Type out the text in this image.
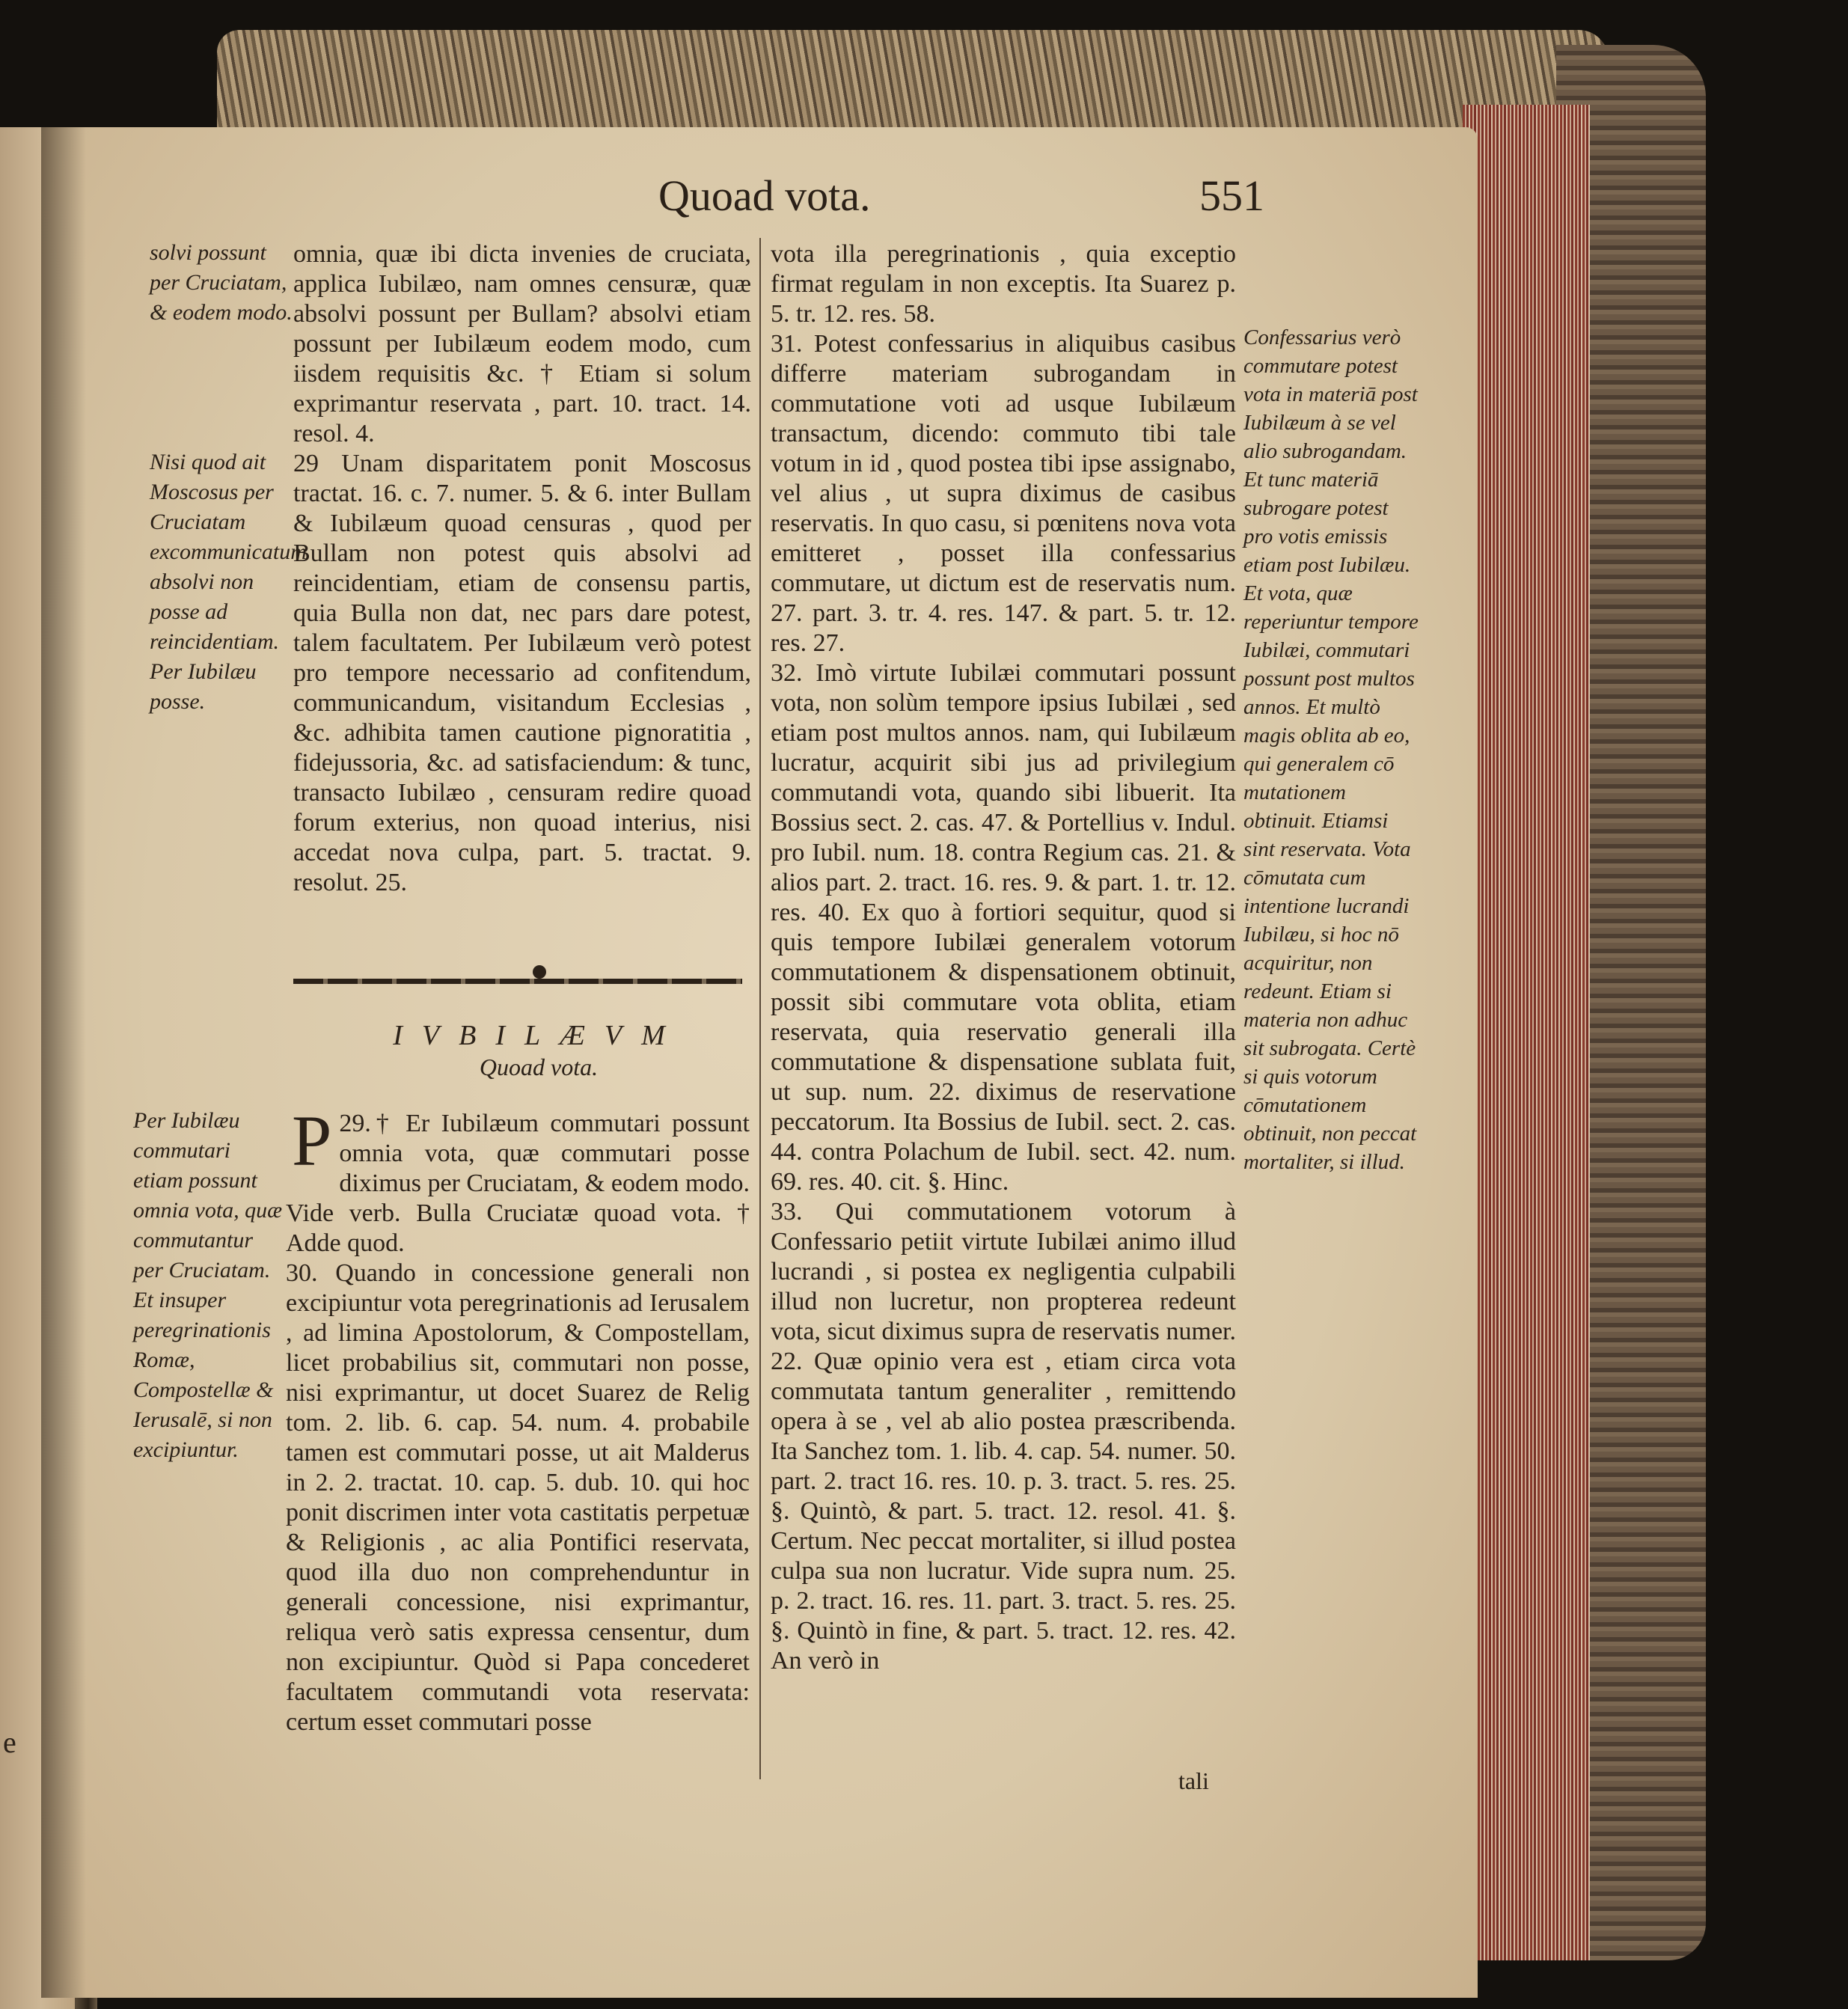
e
Quoad vota.	551
solvi possunt per Cruciatam, & eodem modo.
Nisi quod ait Moscosus per Cruciatam excommunicatum absolvi non posse ad reincidentiam. Per Iubilæu posse.
Per Iubilæu commutari etiam possunt omnia vota, quæ commutantur per Cruciatam. Et insuper peregrinationis Romæ, Compostellæ & Ierusalē, si non excipiuntur.
Confessarius verò commutare potest vota in materiā post Iubilæum à se vel alio subrogandam. Et tunc materiā subrogare potest pro votis emissis etiam post Iubilæu. Et vota, quæ reperiuntur tempore Iubilæi, commutari possunt post multos annos. Et multò magis oblita ab eo, qui generalem cō mutationem obtinuit. Etiamsi sint reservata. Vota cōmutata cum intentione lucrandi Iubilæu, si hoc nō acquiritur, non redeunt. Etiam si materia non adhuc sit subrogata. Certè si quis votorum cōmutationem obtinuit, non peccat mortaliter, si illud.

omnia, quæ ibi dicta invenies de cruciata, applica Iubilæo, nam omnes censuræ, quæ absolvi possunt per Bullam? absolvi etiam possunt per Iubilæum eodem modo, cum iisdem requisitis &c. † Etiam si solum exprimantur reservata , part. 10. tract. 14. resol. 4.

29 Unam disparitatem ponit Moscosus tractat. 16. c. 7. numer. 5. & 6. inter Bullam & Iubilæum quoad censuras , quod per Bullam non potest quis absolvi ad reincidentiam, etiam de consensu partis, quia Bulla non dat, nec pars dare potest, talem facultatem. Per Iubilæum verò potest pro tempore necessario ad confitendum, communicandum, visitandum Ecclesias , &c. adhibita tamen cautione pignoratitia , fidejussoria, &c. ad satisfaciendum: & tunc, transacto Iubilæo , censuram redire quoad forum exterius, non quoad interius, nisi accedat nova culpa, part. 5. tractat. 9. resolut. 25.

IVBILÆVM
Quoad vota.

29.†
P	Er Iubilæum commutari possunt omnia vota, quæ commutari posse diximus per Cruciatam, & eodem modo. Vide verb. Bulla Cruciatæ quoad vota. † Adde quod.

30. Quando in concessione generali non excipiuntur vota peregrinationis ad Ierusalem , ad limina Apostolorum, & Compostellam, licet probabilius sit, commutari non posse, nisi exprimantur, ut docet Suarez de Relig tom. 2. lib. 6. cap. 54. num. 4. probabile tamen est commutari posse, ut ait Malderus in 2. 2. tractat. 10. cap. 5. dub. 10. qui hoc ponit discrimen inter vota castitatis perpetuæ & Religionis , ac alia Pontifici reservata, quod illa duo non comprehenduntur in generali concessione, nisi exprimantur, reliqua verò satis expressa censentur, dum non excipiuntur. Quòd si Papa concederet facultatem commutandi vota reservata: certum esset commutari posse

vota illa peregrinationis , quia exceptio firmat regulam in non exceptis. Ita Suarez p. 5. tr. 12. res. 58.

31. Potest confessarius in aliquibus casibus differre materiam subrogandam in commutatione voti ad usque Iubilæum transactum, dicendo: commuto tibi tale votum in id , quod postea tibi ipse assignabo, vel alius , ut supra diximus de casibus reservatis. In quo casu, si pœnitens nova vota emitteret , posset illa confessarius commutare, ut dictum est de reservatis num. 27. part. 3. tr. 4. res. 147. & part. 5. tr. 12. res. 27.

32. Imò virtute Iubilæi commutari possunt vota, non solùm tempore ipsius Iubilæi , sed etiam post multos annos. nam, qui Iubilæum lucratur, acquirit sibi jus ad privilegium commutandi vota, quando sibi libuerit. Ita Bossius sect. 2. cas. 47. & Portellius v. Indul. pro Iubil. num. 18. contra Regium cas. 21. & alios part. 2. tract. 16. res. 9. & part. 1. tr. 12. res. 40. Ex quo à fortiori sequitur, quod si quis tempore Iubilæi generalem votorum commutationem & dispensationem obtinuit, possit sibi commutare vota oblita, etiam reservata, quia reservatio generali illa commutatione & dispensatione sublata fuit, ut sup. num. 22. diximus de reservatione peccatorum. Ita Bossius de Iubil. sect. 2. cas. 44. contra Polachum de Iubil. sect. 42. num. 69. res. 40. cit. §. Hinc.

33. Qui commutationem votorum à Confessario petiit virtute Iubilæi animo illud lucrandi , si postea ex negligentia culpabili illud non lucretur, non propterea redeunt vota, sicut diximus supra de reservatis numer. 22. Quæ opinio vera est , etiam circa vota commutata tantum generaliter , remittendo opera à se , vel ab alio postea præscribenda. Ita Sanchez tom. 1. lib. 4. cap. 54. numer. 50. part. 2. tract 16. res. 10. p. 3. tract. 5. res. 25. §. Quintò, & part. 5. tract. 12. resol. 41. §. Certum. Nec peccat mortaliter, si illud postea culpa sua non lucratur. Vide supra num. 25. p. 2. tract. 16. res. 11. part. 3. tract. 5. res. 25. §. Quintò in fine, & part. 5. tract. 12. res. 42. An verò in

tali
